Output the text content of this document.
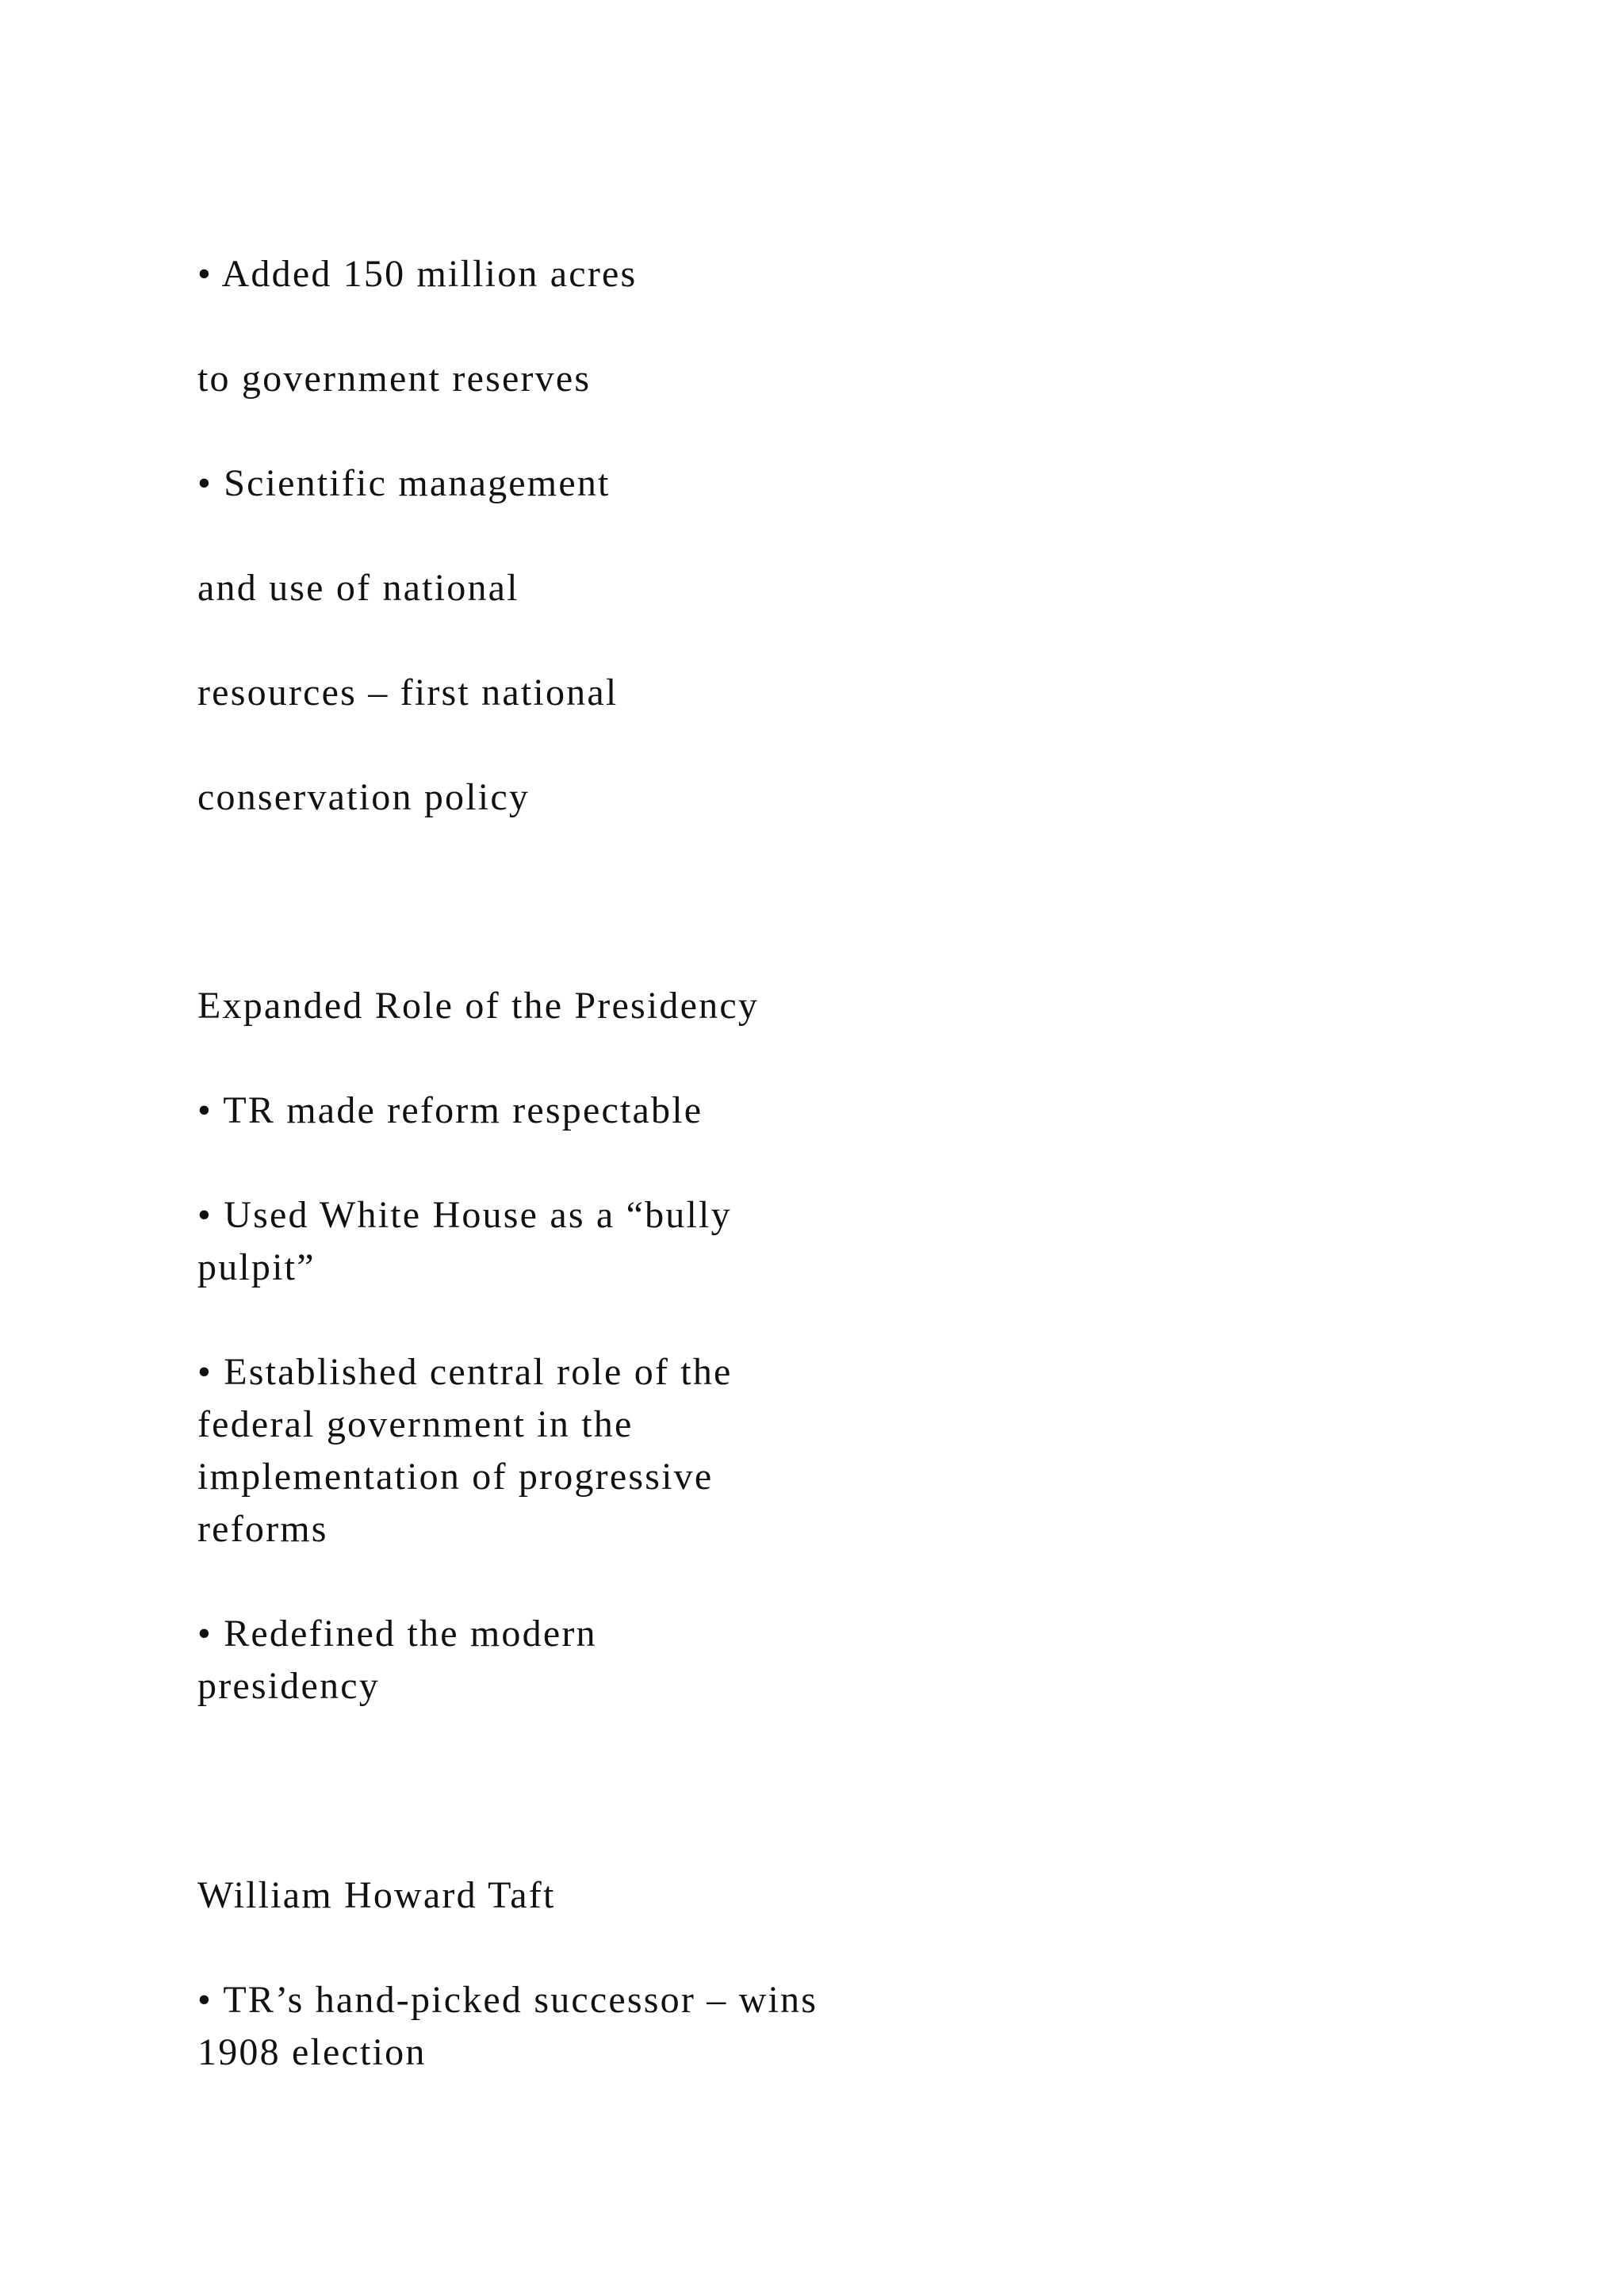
• Added 150 million acres

to government reserves

• Scientific management

and use of national

resources – first national

conservation policy

Expanded Role of the Presidency

• TR made reform respectable

• Used White House as a “bully

pulpit”

• Established central role of the

federal government in the

implementation of progressive

reforms

• Redefined the modern

presidency

William Howard Taft

• TR’s hand-picked successor – wins

1908 election
